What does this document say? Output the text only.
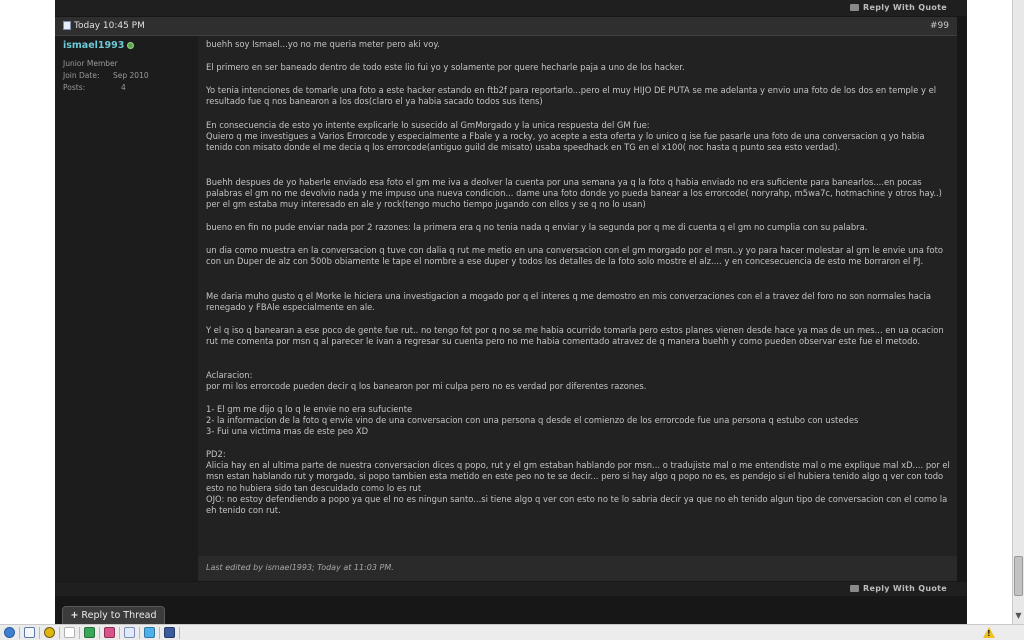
Reply With Quote
Today 10:45 PM	#99
ismael1993
Junior Member
Join Date: Sep 2010
Posts:	4
buehh soy Ismael...yo no me queria meter pero aki voy.
El primero en ser baneado dentro de todo este lio fui yo y solamente por quere hecharle paja a uno de los hacker.
Yo tenia intenciones de tomarle una foto a este hacker estando en ftb2f para reportarlo...pero el muy HIJO DE PUTA se me adelanta y envio una foto de los dos en temple y el resultado fue q nos banearon a los dos(claro el ya habia sacado todos sus itens)
En consecuencia de esto yo intente explicarle lo susecido al GmMorgado y la unica respuesta del GM fue:
Quiero q me investigues a Varios Errorcode y especialmente a Fbale y a rocky, yo acepte a esta oferta y lo unico q ise fue pasarle una foto de una conversacion q yo habia tenido con misato donde el me decia q los errorcode(antiguo guild de misato) usaba speedhack en TG en el x100( noc hasta q punto sea esto verdad).
Buehh despues de yo haberle enviado esa foto el gm me iva a deolver la cuenta por una semana ya q la foto q habia enviado no era suficiente para banearlos....en pocas palabras el gm no me devolvio nada y me impuso una nueva condicion... dame una foto donde yo pueda banear a los errorcode( noryrahp, m5wa7c, hotmachine y otros hay..) per el gm estaba muy interesado en ale y rock(tengo mucho tiempo jugando con ellos y se q no lo usan)
bueno en fin no pude enviar nada por 2 razones: la primera era q no tenia nada q enviar y la segunda por q me di cuenta q el gm no cumplia con su palabra.
un dia como muestra en la conversacion q tuve con dalia q rut me metio en una conversacion con el gm morgado por el msn..y yo para hacer molestar al gm le envie una foto con un Duper de alz con 500b obiamente le tape el nombre a ese duper y todos los detalles de la foto solo mostre el alz.... y en concesecuencia de esto me borraron el PJ.
Me daria muho gusto q el Morke le hiciera una investigacion a mogado por q el interes q me demostro en mis converzaciones con el a travez del foro no son normales hacia renegado y FBAle especialmente en ale.
Y el q iso q banearan a ese poco de gente fue rut.. no tengo fot por q no se me habia ocurrido tomarla pero estos planes vienen desde hace ya mas de un mes... en ua ocacion rut me comenta por msn q al parecer le ivan a regresar su cuenta pero no me habia comentado atravez de q manera buehh y como pueden observar este fue el metodo.
Aclaracion:
por mi los errorcode pueden decir q los banearon por mi culpa pero no es verdad por diferentes razones.
1- El gm me dijo q lo q le envie no era sufuciente
2- la informacion de la foto q envie vino de una conversacion con una persona q desde el comienzo de los errorcode fue una persona q estubo con ustedes
3- Fui una victima mas de este peo XD
PD2:
Alicia hay en al ultima parte de nuestra conversacion dices q popo, rut y el gm estaban hablando por msn... o tradujiste mal o me entendiste mal o me explique mal xD.... por el msn estan hablando rut y morgado, si popo tambien esta metido en este peo no te se decir... pero si hay algo q popo no es, es pendejo si el hubiera tenido algo q ver con todo esto no hubiera sido tan descuidado como lo es rut
OJO: no estoy defendiendo a popo ya que el no es ningun santo...si tiene algo q ver con esto no te lo sabria decir ya que no eh tenido algun tipo de conversacion con el como la eh tenido con rut.
Last edited by ismael1993; Today at 11:03 PM.
Reply With Quote
+ Reply to Thread	▼
!
